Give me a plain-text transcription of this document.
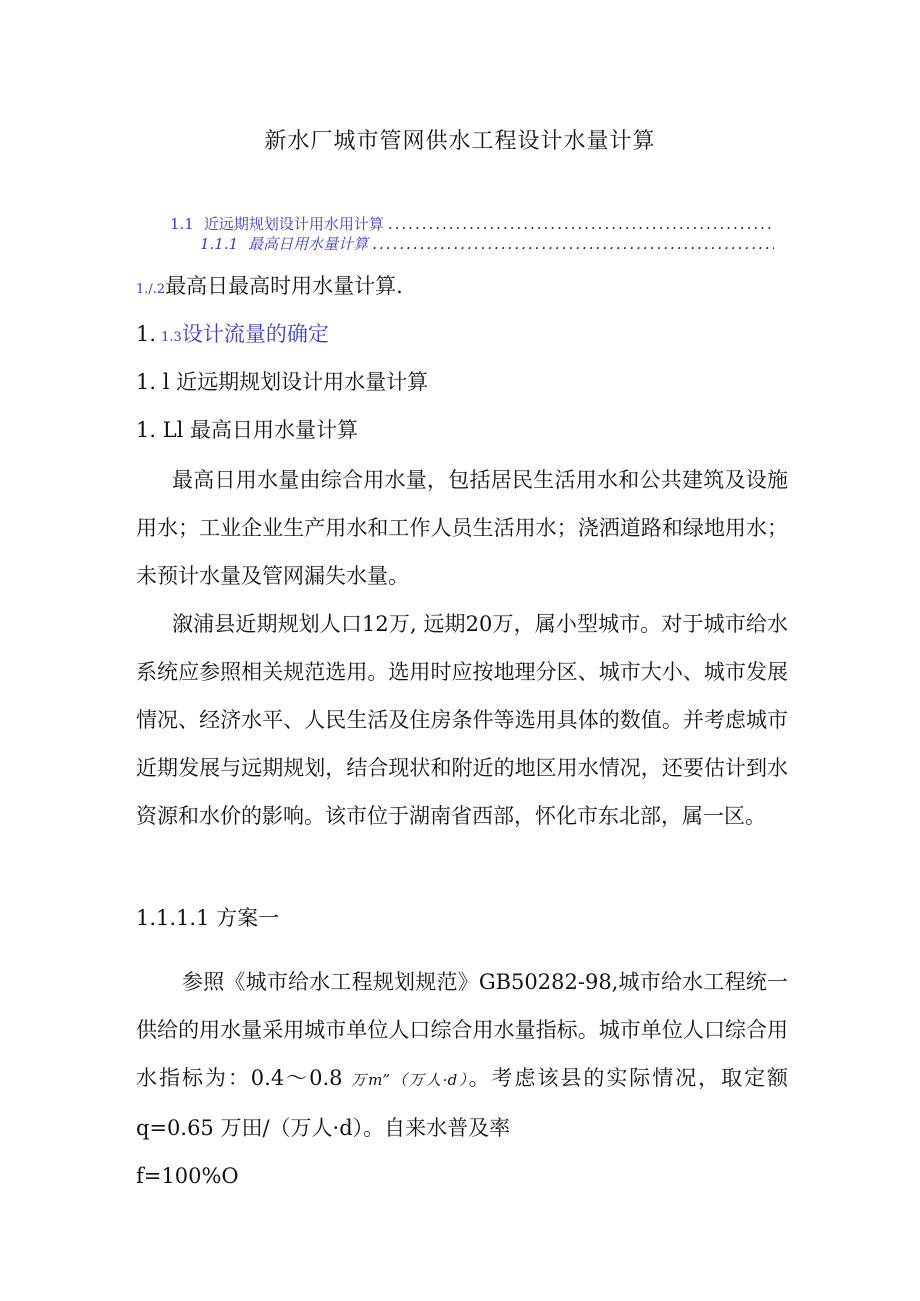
新水厂城市管网供水工程设计水量计算
1.1 近远期规划设计用水用计算
.....
1.1.1 最高日用水量计算
.....
1./.2最高日最高时用水量计算.
1. 1.3设计流量的确定
1. l 近远期规划设计用水量计算
1. Ll 最高日用水量计算
最高日用水量由综合用水量，包括居民生活用水和公共建筑及设施用水；工业企业生产用水和工作人员生活用水；浇洒道路和绿地用水；未预计水量及管网漏失水量。
溆浦县近期规划人口12万, 远期20万，属小型城市。对于城市给水系统应参照相关规范选用。选用时应按地理分区、城市大小、城市发展情况、经济水平、人民生活及住房条件等选用具体的数值。并考虑城市近期发展与远期规划，结合现状和附近的地区用水情况，还要估计到水资源和水价的影响。该市位于湖南省西部，怀化市东北部，属一区。
1.1.1.1 方案一
参照《城市给水工程规划规范》GB50282-98,城市给水工程统一供给的用水量采用城市单位人口综合用水量指标。城市单位人口综合用水指标为：0.4～0.8 万m”（万人·d）。考虑该县的实际情况，取定额 q=0.65 万田/（万人·d）。自来水普及率
f=100%O
